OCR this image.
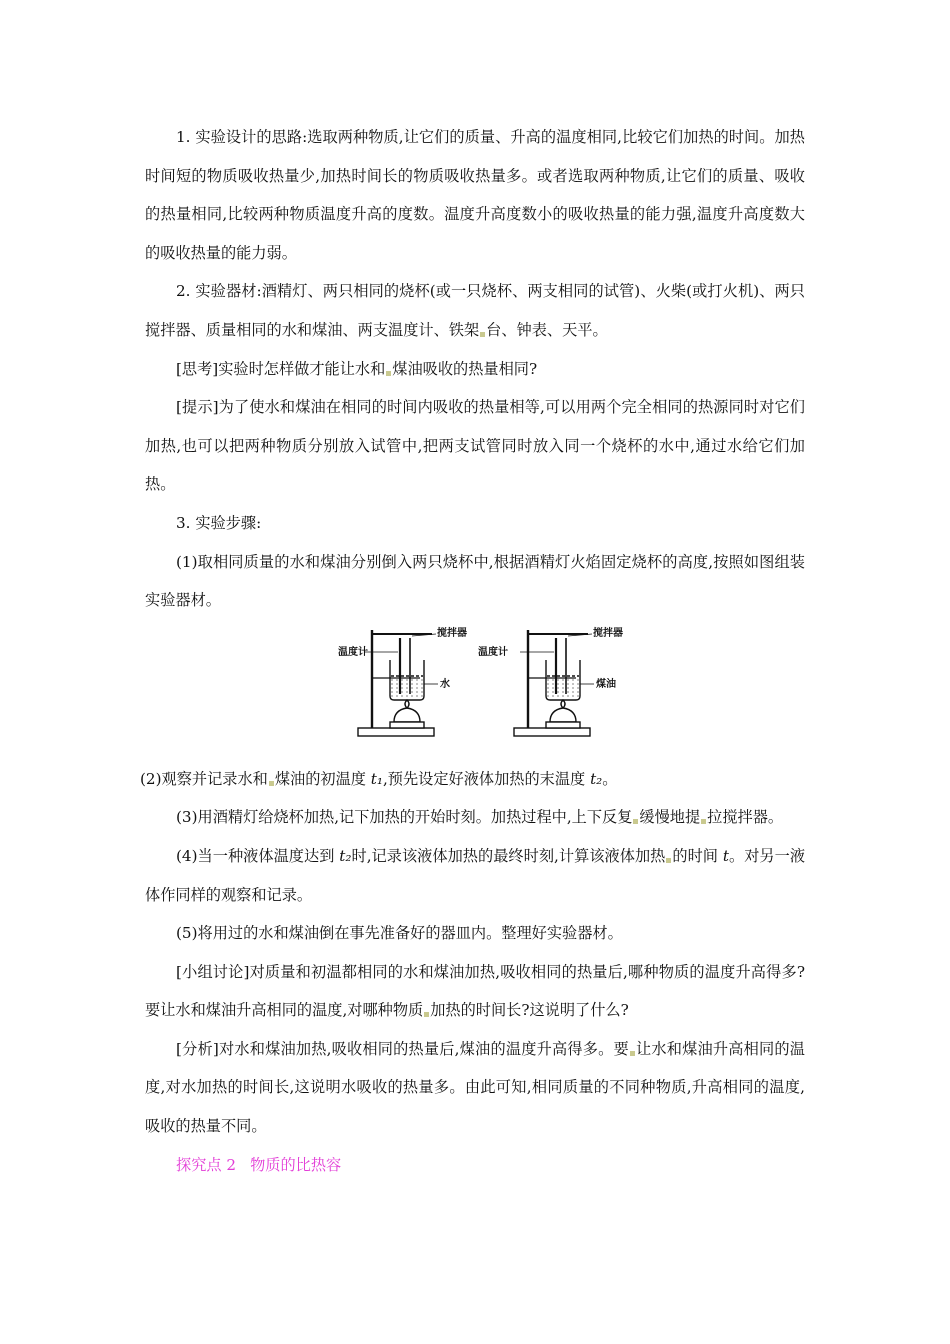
1. 实验设计的思路:选取两种物质,让它们的质量、升高的温度相同,比较它们加热的时间。加热时间短的物质吸收热量少,加热时间长的物质吸收热量多。或者选取两种物质,让它们的质量、吸收的热量相同,比较两种物质温度升高的度数。温度升高度数小的吸收热量的能力强,温度升高度数大的吸收热量的能力弱。

2. 实验器材:酒精灯、两只相同的烧杯(或一只烧杯、两支相同的试管)、火柴(或打火机)、两只搅拌器、质量相同的水和煤油、两支温度计、铁架 台、钟表、天平。

[思考]实验时怎样做才能让水和 煤油吸收的热量相同?

[提示]为了使水和煤油在相同的时间内吸收的热量相等,可以用两个完全相同的热源同时对它们加热,也可以把两种物质分别放入试管中,把两支试管同时放入同一个烧杯的水中,通过水给它们加热。

3. 实验步骤:

(1)取相同质量的水和煤油分别倒入两只烧杯中,根据酒精灯火焰固定烧杯的高度,按照如图组装实验器材。

温度计
搅拌器
水
温度计
搅拌器
煤油

(2)观察并记录水和 煤油的初温度 t₁,预先设定好液体加热的末温度 t₂。

(3)用酒精灯给烧杯加热,记下加热的开始时刻。加热过程中,上下反复 缓慢地提 拉搅拌器。

(4)当一种液体温度达到 t₂时,记录该液体加热的最终时刻,计算该液体加热 的时间 t。对另一液体作同样的观察和记录。

(5)将用过的水和煤油倒在事先准备好的器皿内。整理好实验器材。

[小组讨论]对质量和初温都相同的水和煤油加热,吸收相同的热量后,哪种物质的温度升高得多?要让水和煤油升高相同的温度,对哪种物质 加热的时间长?这说明了什么?

[分析]对水和煤油加热,吸收相同的热量后,煤油的温度升高得多。要 让水和煤油升高相同的温度,对水加热的时间长,这说明水吸收的热量多。由此可知,相同质量的不同种物质,升高相同的温度,吸收的热量不同。

探究点 2 物质的比热容
